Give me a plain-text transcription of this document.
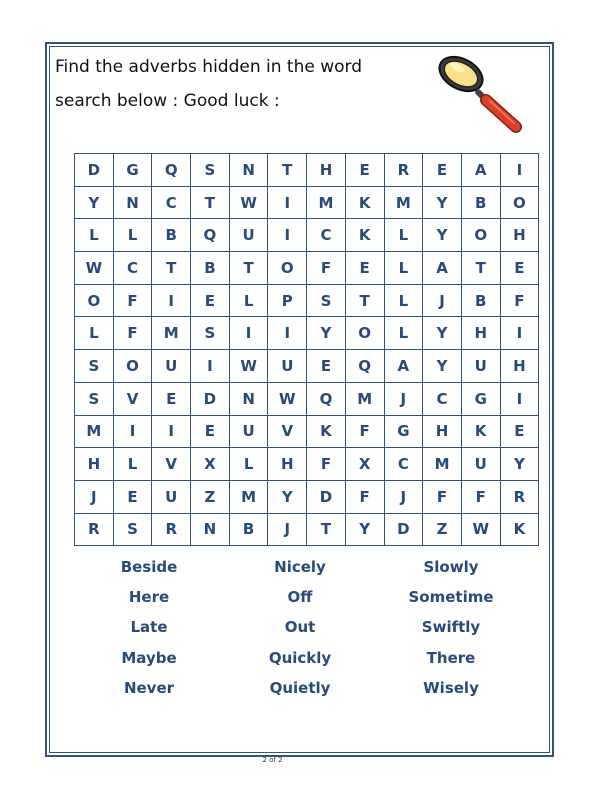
Find the adverbs hidden in the word
search below : Good luck :

D	G	Q	S	N	T	H	E	R	E	A	I
Y	N	C	T	W	I	M	K	M	Y	B	O
L	L	B	Q	U	I	C	K	L	Y	O	H
W	C	T	B	T	O	F	E	L	A	T	E
O	F	I	E	L	P	S	T	L	J	B	F
L	F	M	S	I	I	Y	O	L	Y	H	I
S	O	U	I	W	U	E	Q	A	Y	U	H
S	V	E	D	N	W	Q	M	J	C	G	I
M	I	I	E	U	V	K	F	G	H	K	E
H	L	V	X	L	H	F	X	C	M	U	Y
J	E	U	Z	M	Y	D	F	J	F	F	R
R	S	R	N	B	J	T	Y	D	Z	W	K
Beside
Here
Late
Maybe
Never
Nicely
Off
Out
Quickly
Quietly
Slowly
Sometime
Swiftly
There
Wisely
2 of 2
